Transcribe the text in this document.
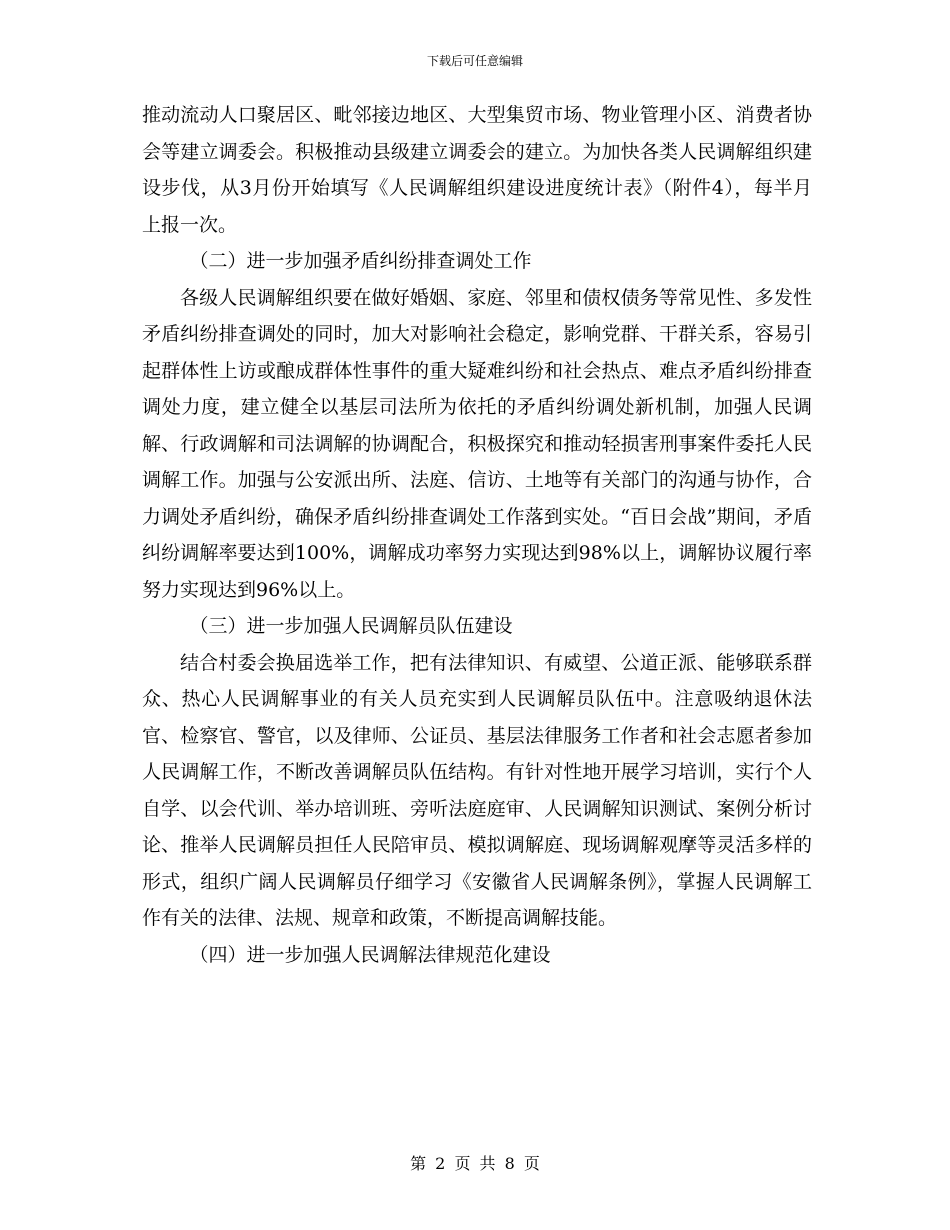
下载后可任意编辑

推动流动人口聚居区、毗邻接边地区、大型集贸市场、物业管理小区、消费者协会等建立调委会。积极推动县级建立调委会的建立。为加快各类人民调解组织建设步伐，从3月份开始填写《人民调解组织建设进度统计表》（附件4），每半月上报一次。

（二）进一步加强矛盾纠纷排查调处工作

各级人民调解组织要在做好婚姻、家庭、邻里和债权债务等常见性、多发性矛盾纠纷排查调处的同时，加大对影响社会稳定，影响党群、干群关系，容易引起群体性上访或酿成群体性事件的重大疑难纠纷和社会热点、难点矛盾纠纷排查调处力度，建立健全以基层司法所为依托的矛盾纠纷调处新机制，加强人民调解、行政调解和司法调解的协调配合，积极探究和推动轻损害刑事案件委托人民调解工作。加强与公安派出所、法庭、信访、土地等有关部门的沟通与协作，合力调处矛盾纠纷，确保矛盾纠纷排查调处工作落到实处。“百日会战”期间，矛盾纠纷调解率要达到100%，调解成功率努力实现达到98%以上，调解协议履行率努力实现达到96%以上。

（三）进一步加强人民调解员队伍建设

结合村委会换届选举工作，把有法律知识、有威望、公道正派、能够联系群众、热心人民调解事业的有关人员充实到人民调解员队伍中。注意吸纳退休法官、检察官、警官，以及律师、公证员、基层法律服务工作者和社会志愿者参加人民调解工作，不断改善调解员队伍结构。有针对性地开展学习培训，实行个人自学、以会代训、举办培训班、旁听法庭庭审、人民调解知识测试、案例分析讨论、推举人民调解员担任人民陪审员、模拟调解庭、现场调解观摩等灵活多样的形式，组织广阔人民调解员仔细学习《安徽省人民调解条例》，掌握人民调解工作有关的法律、法规、规章和政策，不断提高调解技能。

（四）进一步加强人民调解法律规范化建设

第 2 页 共 8 页
